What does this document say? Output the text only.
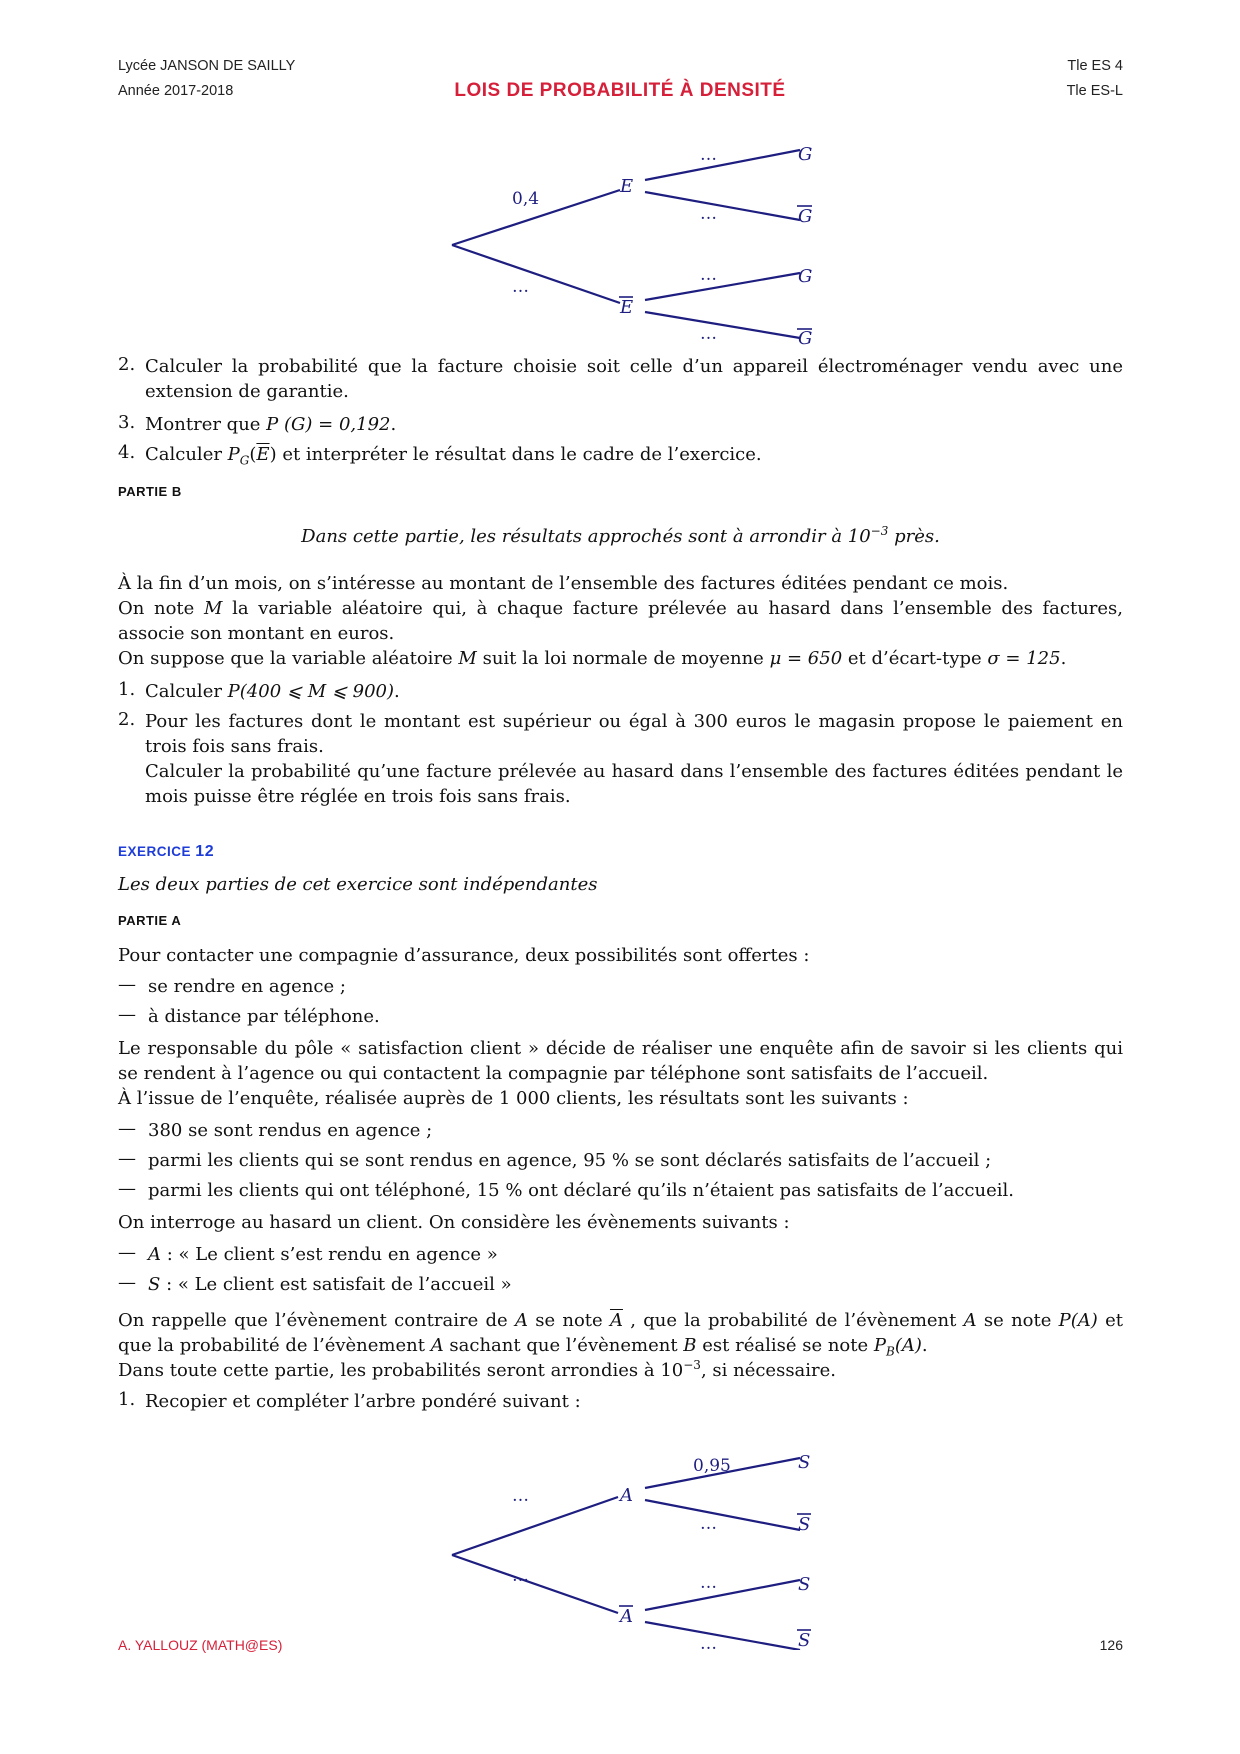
Lycée JANSON DE SAILLY
Année 2017-2018	LOIS DE PROBABILITÉ À DENSITÉ
Tle ES 4
Tle ES-L
0,4
…
E
E
…
…
…
…
G
G
G
G
2. Calculer la probabilité que la facture choisie soit celle d’un appareil électroménager vendu avec une extension de garantie.
3. Montrer que P (G) = 0,192.
4. Calculer $P_G(\overline{E})$ et interpréter le résultat dans le cadre de l’exercice.
PARTIE B
Dans cette partie, les résultats approchés sont à arrondir à $10^{-3}$ près.
À la fin d’un mois, on s’intéresse au montant de l’ensemble des factures éditées pendant ce mois.
On note M la variable aléatoire qui, à chaque facture prélevée au hasard dans l’ensemble des factures, associe son montant en euros.
On suppose que la variable aléatoire M suit la loi normale de moyenne μ = 650 et d’écart-type σ = 125.
1. Calculer P(400 ⩽ M ⩽ 900).
2. Pour les factures dont le montant est supérieur ou égal à 300 euros le magasin propose le paiement en trois fois sans frais.
Calculer la probabilité qu’une facture prélevée au hasard dans l’ensemble des factures éditées pendant le mois puisse être réglée en trois fois sans frais.
EXERCICE 12
Les deux parties de cet exercice sont indépendantes
PARTIE A
Pour contacter une compagnie d’assurance, deux possibilités sont offertes :
— se rendre en agence ;
— à distance par téléphone.
Le responsable du pôle « satisfaction client » décide de réaliser une enquête afin de savoir si les clients qui se rendent à l’agence ou qui contactent la compagnie par téléphone sont satisfaits de l’accueil.
À l’issue de l’enquête, réalisée auprès de 1 000 clients, les résultats sont les suivants :
— 380 se sont rendus en agence ;
— parmi les clients qui se sont rendus en agence, 95 % se sont déclarés satisfaits de l’accueil ;
— parmi les clients qui ont téléphoné, 15 % ont déclaré qu’ils n’étaient pas satisfaits de l’accueil.
On interroge au hasard un client. On considère les évènements suivants :
— A : « Le client s’est rendu en agence »
— S : « Le client est satisfait de l’accueil »
On rappelle que l’évènement contraire de A se note $\overline{A}$ , que la probabilité de l’évènement A se note P(A) et que la probabilité de l’évènement A sachant que l’évènement B est réalisé se note $P_B(A)$.
Dans toute cette partie, les probabilités seront arrondies à $10^{-3}$, si nécessaire.
1. Recopier et compléter l’arbre pondéré suivant :
…
…
A
A
0,95
…
…
…
S
S
S
S
A. YALLOUZ (MATH@ES)	126
